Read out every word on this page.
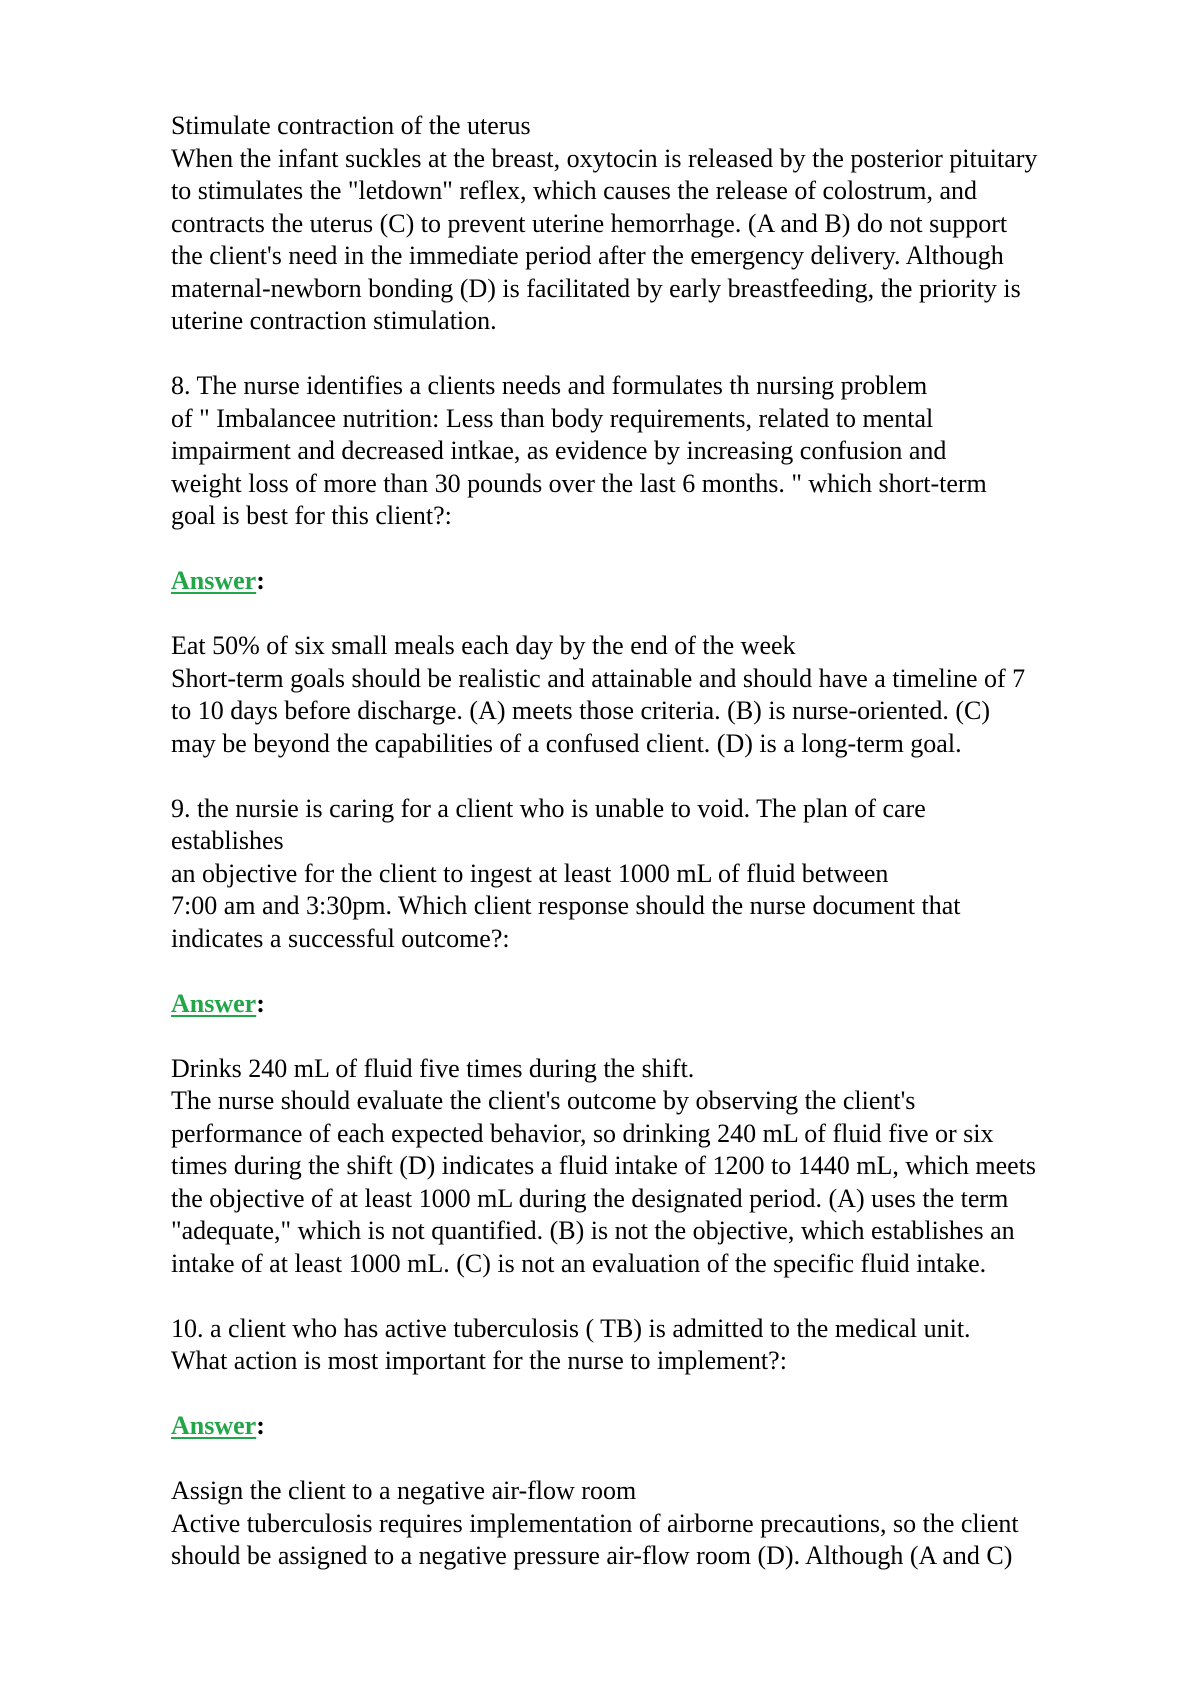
Stimulate contraction of the uterus
When the infant suckles at the breast, oxytocin is released by the posterior pituitary
to stimulates the "letdown" reflex, which causes the release of colostrum, and
contracts the uterus (C) to prevent uterine hemorrhage. (A and B) do not support
the client's need in the immediate period after the emergency delivery. Although
maternal-newborn bonding (D) is facilitated by early breastfeeding, the priority is
uterine contraction stimulation.
8. The nurse identifies a clients needs and formulates th nursing problem
of " Imbalancee nutrition: Less than body requirements, related to mental
impairment and decreased intkae, as evidence by increasing confusion and
weight loss of more than 30 pounds over the last 6 months. " which short-term
goal is best for this client?:
Answer:
Eat 50% of six small meals each day by the end of the week
Short-term goals should be realistic and attainable and should have a timeline of 7
to 10 days before discharge. (A) meets those criteria. (B) is nurse-oriented. (C)
may be beyond the capabilities of a confused client. (D) is a long-term goal.
9. the nursie is caring for a client who is unable to void. The plan of care
establishes
an objective for the client to ingest at least 1000 mL of fluid between
7:00 am and 3:30pm. Which client response should the nurse document that
indicates a successful outcome?:
Answer:
Drinks 240 mL of fluid five times during the shift.
The nurse should evaluate the client's outcome by observing the client's
performance of each expected behavior, so drinking 240 mL of fluid five or six
times during the shift (D) indicates a fluid intake of 1200 to 1440 mL, which meets
the objective of at least 1000 mL during the designated period. (A) uses the term
"adequate," which is not quantified. (B) is not the objective, which establishes an
intake of at least 1000 mL. (C) is not an evaluation of the specific fluid intake.
10. a client who has active tuberculosis ( TB) is admitted to the medical unit.
What action is most important for the nurse to implement?:
Answer:
Assign the client to a negative air-flow room
Active tuberculosis requires implementation of airborne precautions, so the client
should be assigned to a negative pressure air-flow room (D). Although (A and C)
